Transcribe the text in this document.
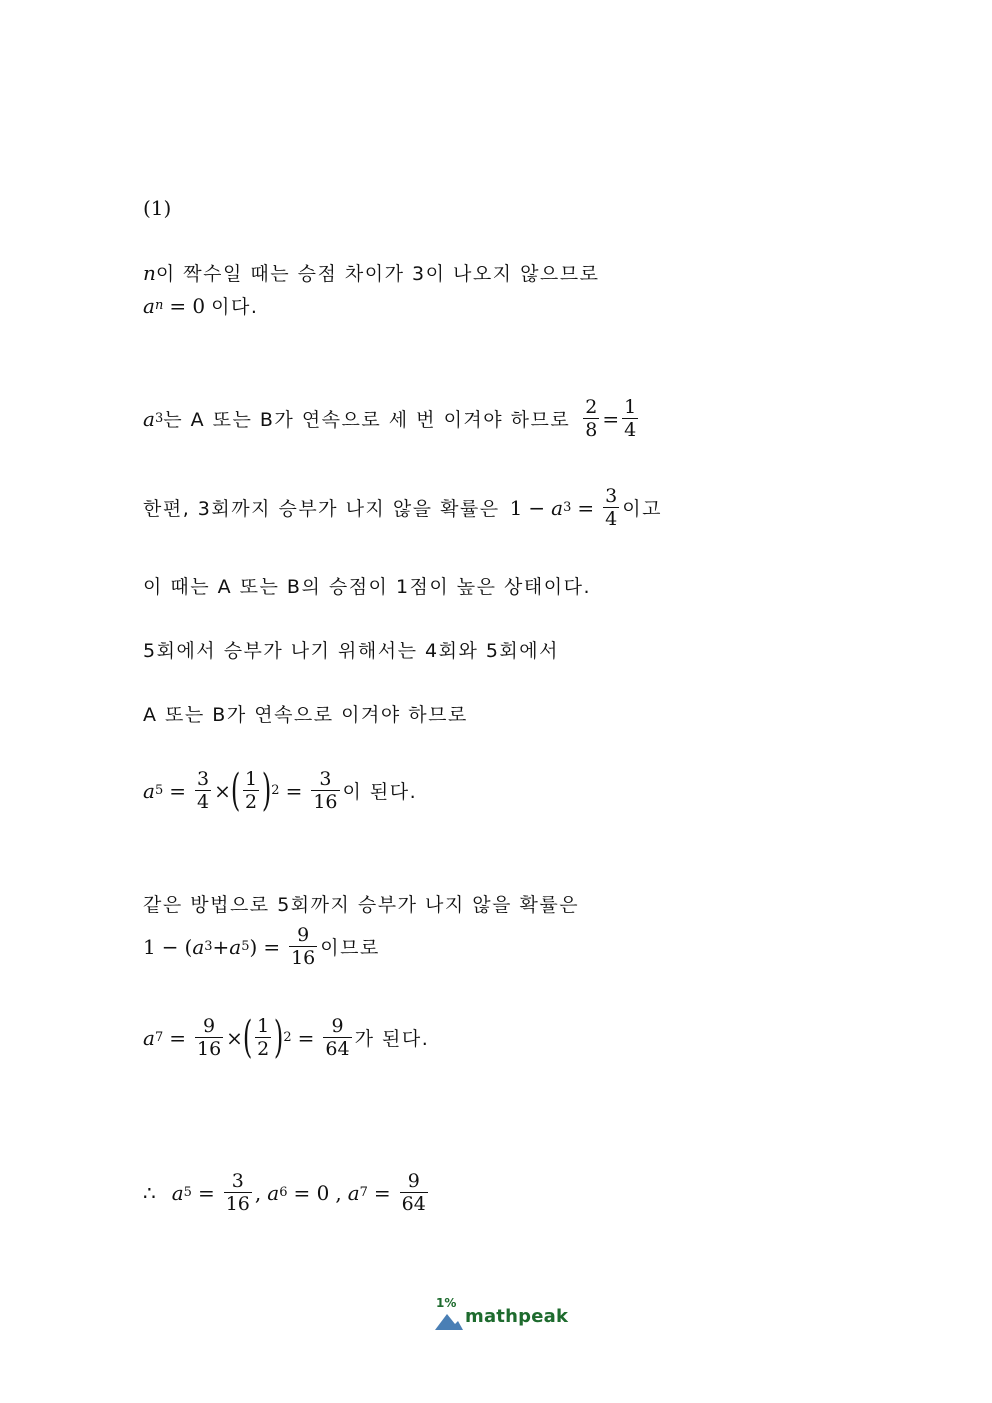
(1)
n 이 짝수일 때는 승점 차이가 3이 나오지 않으므로
a n = 0 이다.
a 3 는 A 또는 B가 연속으로 세 번 이겨야 하므로 $\frac{2}{8} = \frac{1}{4}$
한편, 3회까지 승부가 나지 않을 확률은 1 − a $3 = \frac{3}{4}$ 이고
이 때는 A 또는 B의 승점이 1점이 높은 상태이다.
5회에서 승부가 나기 위해서는 4회와 5회에서
A 또는 B가 연속으로 이겨야 하므로
a $5 = \frac{3}{4}$ × ( $\frac{1}{2}$ ) $2 = \frac{3}{16}$ 이 된다.
같은 방법으로 5회까지 승부가 나지 않을 확률은
1 − ( a 3 + a 5 ) = $\frac{9}{16}$ 이므로
a $7 = \frac{9}{16}$ × ( $\frac{1}{2}$ ) $2 = \frac{9}{64}$ 가 된다.
∴ a $5 = \frac{3}{16}$ , a 6 = 0 , a $7 = \frac{9}{64}$
1%
mathpeak
